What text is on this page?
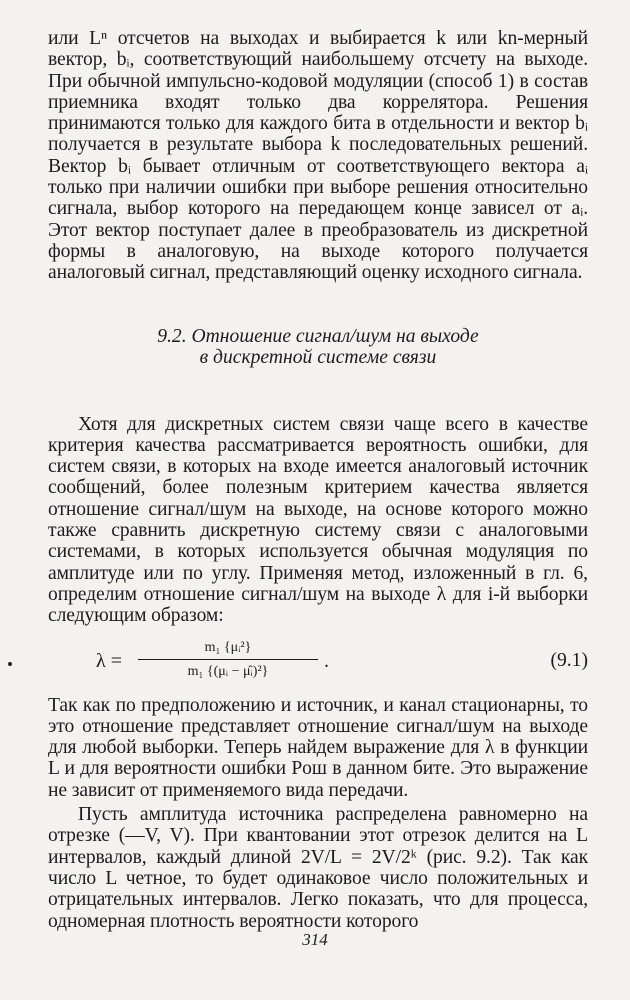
или Lⁿ отсчетов на выходах и выбирается k или kn-мерный вектор, bᵢ, соответствующий наибольшему отсчету на выходе. При обычной импульсно-кодовой модуляции (способ 1) в состав приемника входят только два коррелятора. Решения принимаются только для каждого бита в отдельности и вектор bᵢ получается в результате выбора k последовательных решений. Вектор bᵢ бывает отличным от соответствующего вектора aᵢ только при наличии ошибки при выборе решения относительно сигнала, выбор которого на передающем конце зависел от aᵢ. Этот вектор поступает далее в преобразователь из дискретной формы в аналоговую, на выходе которого получается аналоговый сигнал, представляющий оценку исходного сигнала.

9.2. Отношение сигнал/шум на выходе
в дискретной системе связи

Хотя для дискретных систем связи чаще всего в качестве критерия качества рассматривается вероятность ошибки, для систем связи, в которых на входе имеется аналоговый источник сообщений, более полезным критерием качества является отношение сигнал/шум на выходе, на основе которого можно также сравнить дискретную систему связи с аналоговыми системами, в которых используется обычная модуляция по амплитуде или по углу. Применяя метод, изложенный в гл. 6, определим отношение сигнал/шум на выходе λ для i-й выборки следующим образом:

λ =
m₁ {μᵢ²}
m₁ {(μᵢ − μ̂ᵢ)²}	.	(9.1)

Так как по предположению и источник, и канал стационарны, то это отношение представляет отношение сигнал/шум на выходе для любой выборки. Теперь найдем выражение для λ в функции L и для вероятности ошибки Pош в данном бите. Это выражение не зависит от применяемого вида передачи.

Пусть амплитуда источника распределена равномерно на отрезке (—V, V). При квантовании этот отрезок делится на L интервалов, каждый длиной 2V/L = 2V/2ᵏ (рис. 9.2). Так как число L четное, то будет одинаковое число положительных и отрицательных интервалов. Легко показать, что для процесса, одномерная плотность вероятности которого

314
